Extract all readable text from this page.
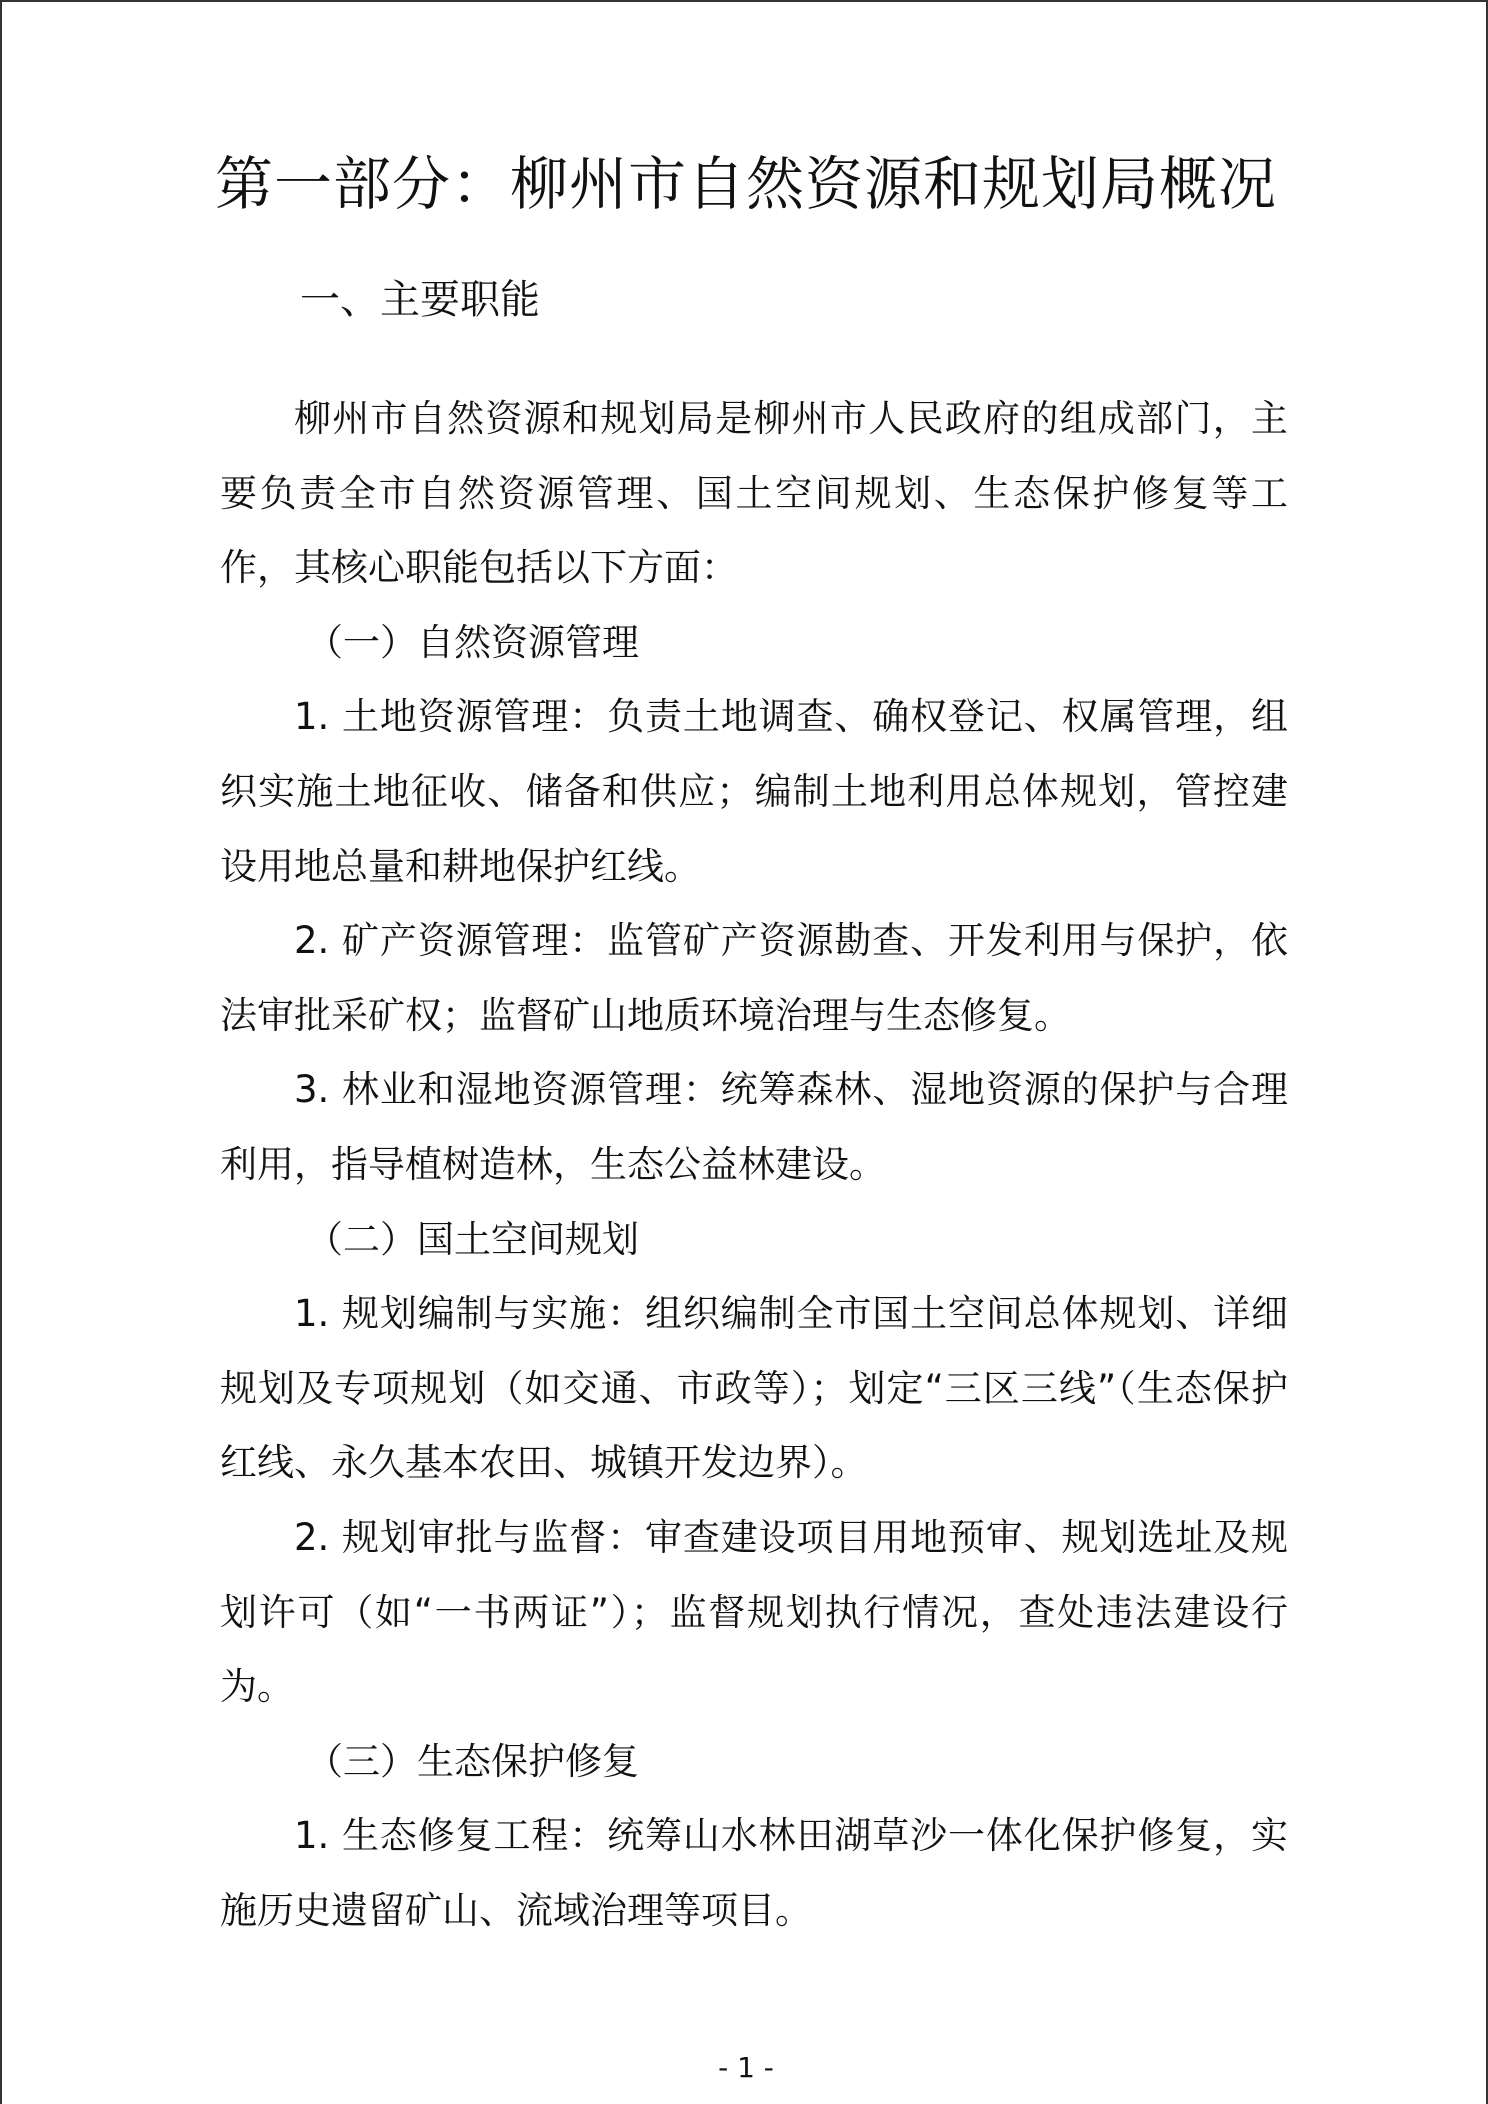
第一部分：柳州市自然资源和规划局概况
一、主要职能

柳州市自然资源和规划局是柳州市人民政府的组成部门，主要负责全市自然资源管理、国土空间规划、生态保护修复等工作，其核心职能包括以下方面：

（一）自然资源管理

1. 土地资源管理：负责土地调查、确权登记、权属管理，组织实施土地征收、储备和供应；编制土地利用总体规划，管控建设用地总量和耕地保护红线。

2. 矿产资源管理：监管矿产资源勘查、开发利用与保护，依法审批采矿权；监督矿山地质环境治理与生态修复。

3. 林业和湿地资源管理：统筹森林、湿地资源的保护与合理利用，指导植树造林，生态公益林建设。

（二）国土空间规划

1. 规划编制与实施：组织编制全市国土空间总体规划、详细规划及专项规划（如交通、市政等）；划定“三区三线”（生态保护红线、永久基本农田、城镇开发边界）。

2. 规划审批与监督：审查建设项目用地预审、规划选址及规划许可（如“一书两证”）；监督规划执行情况，查处违法建设行为。

（三）生态保护修复

1. 生态修复工程：统筹山水林田湖草沙一体化保护修复，实施历史遗留矿山、流域治理等项目。

- 1 -
